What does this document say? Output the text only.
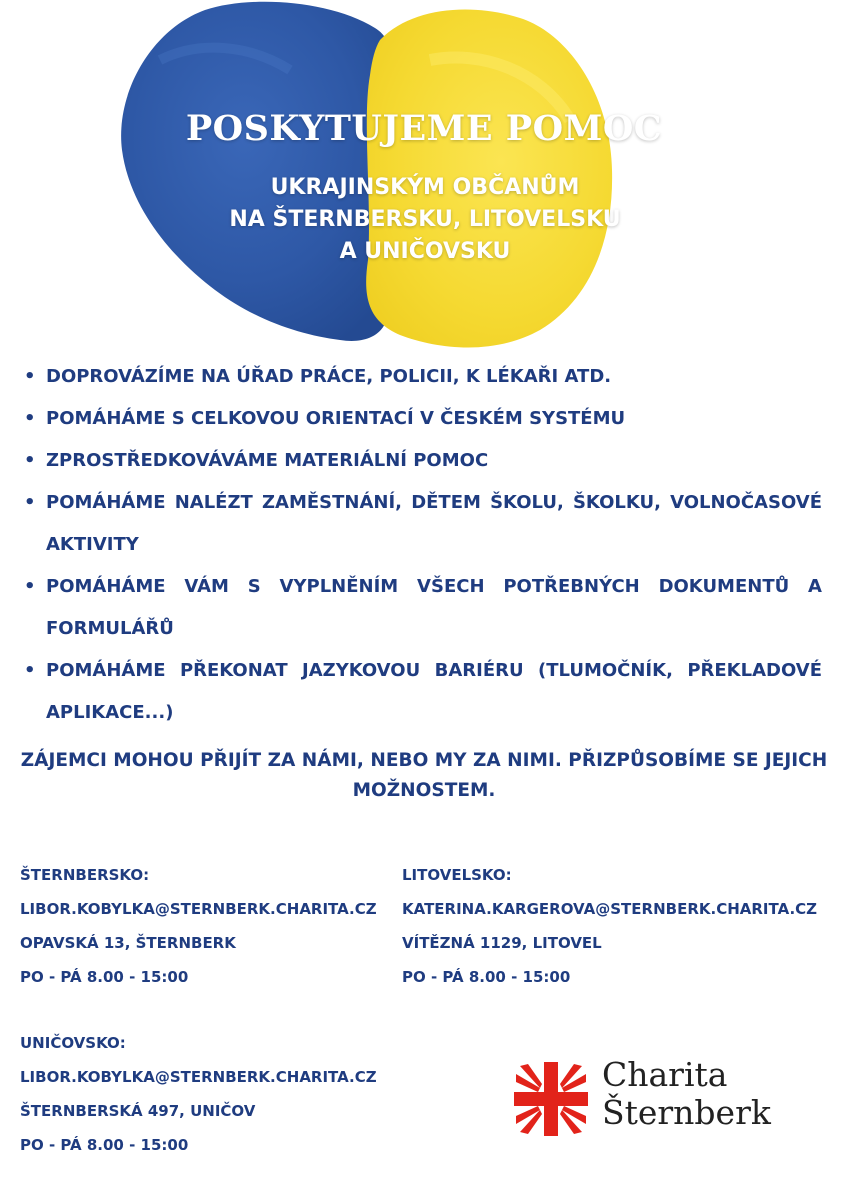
POSKYTUJEME POMOC
UKRAJINSKÝM OBČANŮM
NA ŠTERNBERSKU, LITOVELSKU
A UNIČOVSKU
• DOPROVÁZÍME NA ÚŘAD PRÁCE, POLICII, K LÉKAŘI ATD.
• POMÁHÁME S CELKOVOU ORIENTACÍ V ČESKÉM SYSTÉMU
• ZPROSTŘEDKOVÁVÁME MATERIÁLNÍ POMOC
• POMÁHÁME NALÉZT ZAMĚSTNÁNÍ, DĚTEM ŠKOLU, ŠKOLKU, VOLNOČASOVÉ AKTIVITY
• POMÁHÁME VÁM S VYPLNĚNÍM VŠECH POTŘEBNÝCH DOKUMENTŮ A FORMULÁŘŮ
• POMÁHÁME PŘEKONAT JAZYKOVOU BARIÉRU (TLUMOČNÍK, PŘEKLADOVÉ APLIKACE...)
ZÁJEMCI MOHOU PŘIJÍT ZA NÁMI, NEBO MY ZA NIMI. PŘIZPŮSOBÍME SE JEJICH MOŽNOSTEM.
ŠTERNBERSKO:
LIBOR.KOBYLKA@STERNBERK.CHARITA.CZ
OPAVSKÁ 13, ŠTERNBERK
PO - PÁ 8.00 - 15:00
LITOVELSKO:
KATERINA.KARGEROVA@STERNBERK.CHARITA.CZ
VÍTĚZNÁ 1129, LITOVEL
PO - PÁ 8.00 - 15:00
UNIČOVSKO:
LIBOR.KOBYLKA@STERNBERK.CHARITA.CZ
ŠTERNBERSKÁ 497, UNIČOV
PO - PÁ 8.00 - 15:00
Charita
Šternberk
